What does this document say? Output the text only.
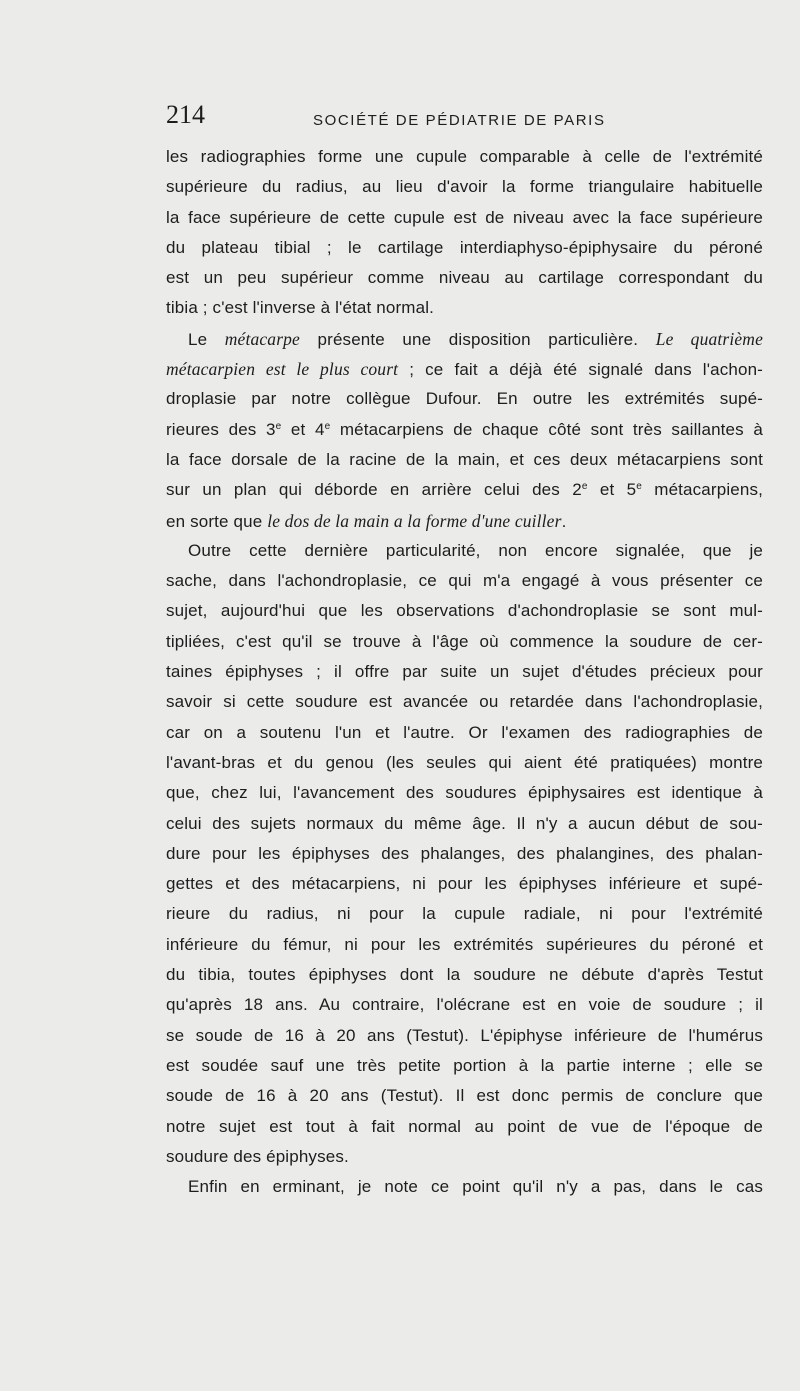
214	SOCIÉTÉ DE PÉDIATRIE DE PARIS
les radiographies forme une cupule comparable à celle de l'extrémité
supérieure du radius, au lieu d'avoir la forme triangulaire habituelle
la face supérieure de cette cupule est de niveau avec la face supérieure
du plateau tibial ; le cartilage interdiaphyso-épiphysaire du péroné
est un peu supérieur comme niveau au cartilage correspondant du
tibia ; c'est l'inverse à l'état normal.
Le métacarpe présente une disposition particulière. Le quatrième
métacarpien est le plus court ; ce fait a déjà été signalé dans l'achon-
droplasie par notre collègue Dufour. En outre les extrémités supé-
rieures des 3e et 4e métacarpiens de chaque côté sont très saillantes à
la face dorsale de la racine de la main, et ces deux métacarpiens sont
sur un plan qui déborde en arrière celui des 2e et 5e métacarpiens,
en sorte que le dos de la main a la forme d'une cuiller.
Outre cette dernière particularité, non encore signalée, que je
sache, dans l'achondroplasie, ce qui m'a engagé à vous présenter ce
sujet, aujourd'hui que les observations d'achondroplasie se sont mul-
tipliées, c'est qu'il se trouve à l'âge où commence la soudure de cer-
taines épiphyses ; il offre par suite un sujet d'études précieux pour
savoir si cette soudure est avancée ou retardée dans l'achondroplasie,
car on a soutenu l'un et l'autre. Or l'examen des radiographies de
l'avant-bras et du genou (les seules qui aient été pratiquées) montre
que, chez lui, l'avancement des soudures épiphysaires est identique à
celui des sujets normaux du même âge. Il n'y a aucun début de sou-
dure pour les épiphyses des phalanges, des phalangines, des phalan-
gettes et des métacarpiens, ni pour les épiphyses inférieure et supé-
rieure du radius, ni pour la cupule radiale, ni pour l'extrémité
inférieure du fémur, ni pour les extrémités supérieures du péroné et
du tibia, toutes épiphyses dont la soudure ne débute d'après Testut
qu'après 18 ans. Au contraire, l'olécrane est en voie de soudure ; il
se soude de 16 à 20 ans (Testut). L'épiphyse inférieure de l'humérus
est soudée sauf une très petite portion à la partie interne ; elle se
soude de 16 à 20 ans (Testut). Il est donc permis de conclure que
notre sujet est tout à fait normal au point de vue de l'époque de
soudure des épiphyses.
Enfin en erminant, je note ce point qu'il n'y a pas, dans le cas
